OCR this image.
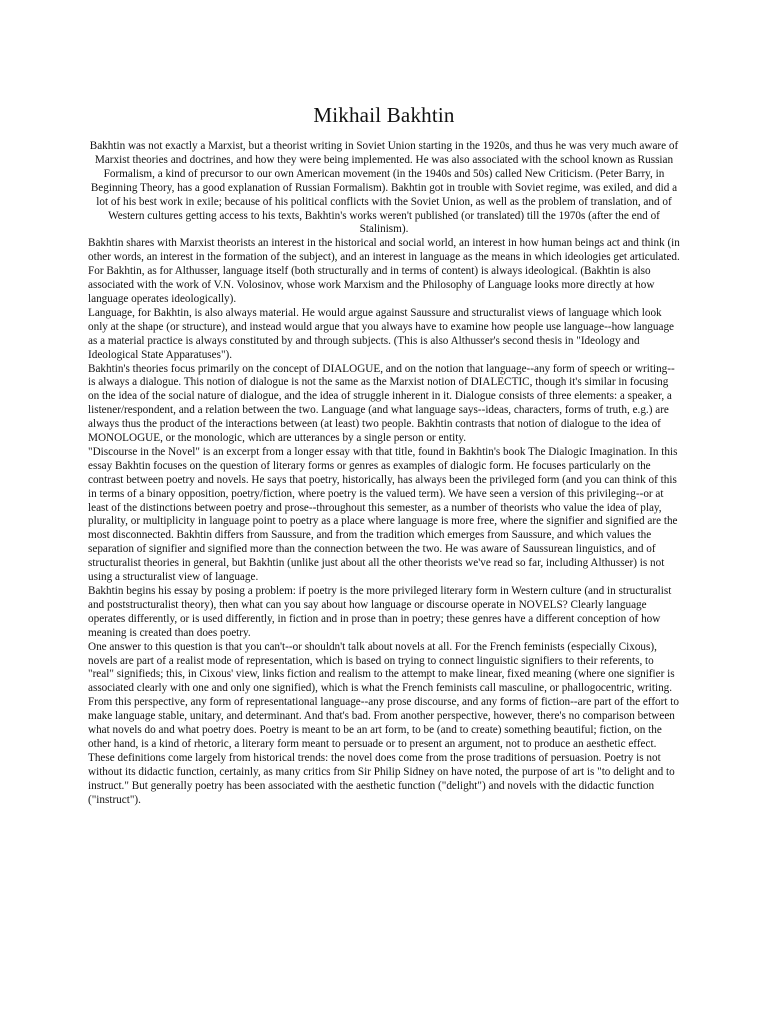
Mikhail Bakhtin

Bakhtin was not exactly a Marxist, but a theorist writing in Soviet Union starting in the 1920s, and thus he was very much aware of Marxist theories and doctrines, and how they were being implemented. He was also associated with the school known as Russian Formalism, a kind of precursor to our own American movement (in the 1940s and 50s) called New Criticism. (Peter Barry, in Beginning Theory, has a good explanation of Russian Formalism). Bakhtin got in trouble with Soviet regime, was exiled, and did a lot of his best work in exile; because of his political conflicts with the Soviet Union, as well as the problem of translation, and of Western cultures getting access to his texts, Bakhtin's works weren't published (or translated) till the 1970s (after the end of Stalinism).

Bakhtin shares with Marxist theorists an interest in the historical and social world, an interest in how human beings act and think (in other words, an interest in the formation of the subject), and an interest in language as the means in which ideologies get articulated. For Bakhtin, as for Althusser, language itself (both structurally and in terms of content) is always ideological. (Bakhtin is also associated with the work of V.N. Volosinov, whose work Marxism and the Philosophy of Language looks more directly at how language operates ideologically).

Language, for Bakhtin, is also always material. He would argue against Saussure and structuralist views of language which look only at the shape (or structure), and instead would argue that you always have to examine how people use language--how language as a material practice is always constituted by and through subjects. (This is also Althusser's second thesis in "Ideology and Ideological State Apparatuses").

Bakhtin's theories focus primarily on the concept of DIALOGUE, and on the notion that language--any form of speech or writing--is always a dialogue. This notion of dialogue is not the same as the Marxist notion of DIALECTIC, though it's similar in focusing on the idea of the social nature of dialogue, and the idea of struggle inherent in it. Dialogue consists of three elements: a speaker, a listener/respondent, and a relation between the two. Language (and what language says--ideas, characters, forms of truth, e.g.) are always thus the product of the interactions between (at least) two people. Bakhtin contrasts that notion of dialogue to the idea of MONOLOGUE, or the monologic, which are utterances by a single person or entity.

"Discourse in the Novel" is an excerpt from a longer essay with that title, found in Bakhtin's book The Dialogic Imagination. In this essay Bakhtin focuses on the question of literary forms or genres as examples of dialogic form. He focuses particularly on the contrast between poetry and novels. He says that poetry, historically, has always been the privileged form (and you can think of this in terms of a binary opposition, poetry/fiction, where poetry is the valued term). We have seen a version of this privileging--or at least of the distinctions between poetry and prose--throughout this semester, as a number of theorists who value the idea of play, plurality, or multiplicity in language point to poetry as a place where language is more free, where the signifier and signified are the most disconnected. Bakhtin differs from Saussure, and from the tradition which emerges from Saussure, and which values the separation of signifier and signified more than the connection between the two. He was aware of Saussurean linguistics, and of structuralist theories in general, but Bakhtin (unlike just about all the other theorists we've read so far, including Althusser) is not using a structuralist view of language.

Bakhtin begins his essay by posing a problem: if poetry is the more privileged literary form in Western culture (and in structuralist and poststructuralist theory), then what can you say about how language or discourse operate in NOVELS? Clearly language operates differently, or is used differently, in fiction and in prose than in poetry; these genres have a different conception of how meaning is created than does poetry.

One answer to this question is that you can't--or shouldn't talk about novels at all. For the French feminists (especially Cixous), novels are part of a realist mode of representation, which is based on trying to connect linguistic signifiers to their referents, to "real" signifieds; this, in Cixous' view, links fiction and realism to the attempt to make linear, fixed meaning (where one signifier is associated clearly with one and only one signified), which is what the French feminists call masculine, or phallogocentric, writing.

From this perspective, any form of representational language--any prose discourse, and any forms of fiction--are part of the effort to make language stable, unitary, and determinant. And that's bad. From another perspective, however, there's no comparison between what novels do and what poetry does. Poetry is meant to be an art form, to be (and to create) something beautiful; fiction, on the other hand, is a kind of rhetoric, a literary form meant to persuade or to present an argument, not to produce an aesthetic effect. These definitions come largely from historical trends: the novel does come from the prose traditions of persuasion. Poetry is not without its didactic function, certainly, as many critics from Sir Philip Sidney on have noted, the purpose of art is "to delight and to instruct." But generally poetry has been associated with the aesthetic function ("delight") and novels with the didactic function ("instruct").
